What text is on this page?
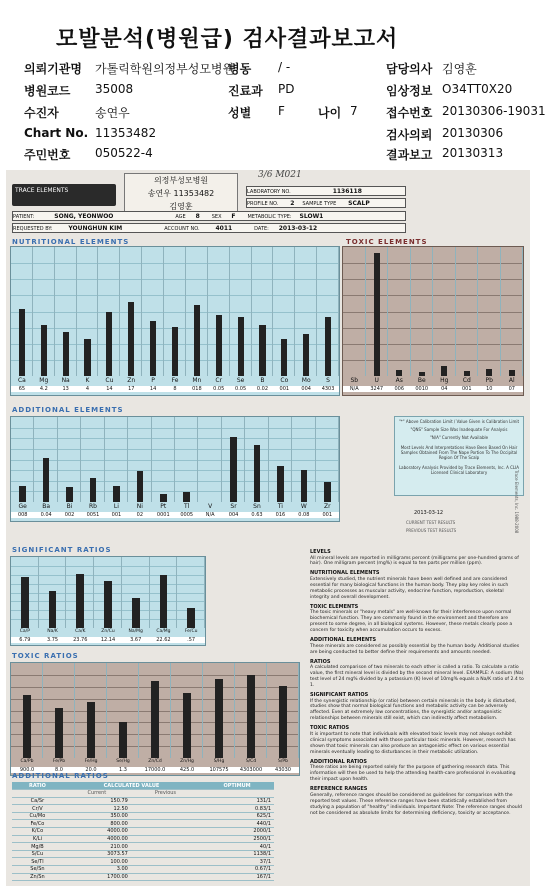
모발분석(병원급) 검사결과보고서
의뢰기관명 가톨릭학원의정부성모병원
병동 / -	담당의사 김영훈
병원코드 35008	진료과 PD	임상정보 O34TT0X20
수진자	송연우	성별 F	나이 7 접수번호 20130306-19031
Chart No. 11353482	검사의뢰 20130306
주민번호 050522-4	결과보고 20130313
TRACE ELEMENTS
의정부성모병원
송연우 11353482
김영훈
3/6 M021
LABORATORY NO.	1136118
PROFILE NO. 2 SAMPLE TYPE SCALP
PATIENT:	SONG, YEONWOO	AGE 8 SEX F METABOLIC TYPE: SLOW1
REQUESTED BY:	YOUNGHUN KIM	ACCOUNT NO.	4011	DATE: 2013-03-12
NUTRITIONAL ELEMENTS
Ca
65
Mg
4.2
Na
13
K
4
Cu
14
Zn
17
P
14
Fe
8
Mn
018
Cr
0.05
Se
0.05
B
0.02
Co
001
Mo
004
S
4303
TOXIC ELEMENTS
Sb
N/A
U
3247
As
006
Be
0010
Hg
04
Cd
001
Pb
10
Al
07
ADDITIONAL ELEMENTS
Ge
008
Ba
0.04
Bi
002
Rb
0051
Li
001
Ni
02
Pt
0001
Tl
0005
V
N/A
Sr
004
Sn
0.63
Ti
016
W
0.08
Zr
001
"*" Above Calibration Limit / Value Given is Calibration Limit
"QNS" Sample Size Was Inadequate For Analysis
"N/A" Currently Not Available
Most Levels And Interpretations Have Been Based On Hair Samples Obtained From The Nape Portion To The Occipital Region Of The Scalp
Laboratory Analysis Provided by Trace Elements, Inc. A CLIA Licensed Clinical Laboratory
2013-03-12
CURRENT TEST RESULTS
PREVIOUS TEST RESULTS	Trace Elements, Inc. 1988-2008
SIGNIFICANT RATIOS
Ca/P
6.79
Na/K
3.75
Ca/K
23.76
Zn/Cu
12.14
Na/Mg
3.67
Ca/Mg
22.62
Fe/Cu
.57
TOXIC RATIOS
Ca/Pb
900.0
Fe/Pb
8.0
Fe/Hg
20.0
Se/Hg
1.3
Zn/Cd
17000.0
Zn/Hg
425.0
S/Hg
107575
S/Cd
4303000
S/Pb
43030
ADDITIONAL RATIOS
RATIO	CALCULATED VALUE		OPTIMUM
	Current	Previous	
Ca/Sr	150.79		131/1
Cr/V	12.50		0.83/1
Cu/Mo	350.00		625/1
Fe/Co	800.00		440/1
K/Co	4000.00		2000/1
K/Li	4000.00		2500/1
Mg/B	210.00		40/1
S/Cu	3073.57		1138/1
Se/Tl	100.00		37/1
Se/Sn	3.00		0.67/1
Zn/Sn	1700.00		167/1
LEVELS
All mineral levels are reported in milligrams percent (milligrams per one-hundred grams of hair). One milligram percent (mg%) is equal to ten parts per million (ppm).
NUTRITIONAL ELEMENTS
Extensively studied, the nutrient minerals have been well defined and are considered essential for many biological functions in the human body. They play key roles in such metabolic processes as muscular activity, endocrine function, reproduction, skeletal integrity and overall development.
TOXIC ELEMENTS
The toxic minerals or "heavy metals" are well-known for their interference upon normal biochemical function. They are commonly found in the environment and therefore are present to some degree, in all biological systems. However, these metals clearly pose a concern for toxicity when accumulation occurs to excess.
ADDITIONAL ELEMENTS
These minerals are considered as possibly essential by the human body. Additional studies are being conducted to better define their requirements and amounts needed.
RATIOS
A calculated comparison of two minerals to each other is called a ratio. To calculate a ratio value, the first mineral level is divided by the second mineral level. EXAMPLE: A sodium (Na) test level of 24 mg% divided by a potassium (K) level of 10mg% equals a Na/K ratio of 2.4 to 1.
SIGNIFICANT RATIOS
If the synergistic relationship (or ratio) between certain minerals in the body is disturbed, studies show that normal biological functions and metabolic activity can be adversely affected. Even at extremely low concentrations, the synergistic and/or antagonistic relationships between minerals still exist, which can indirectly affect metabolism.
TOXIC RATIOS
It is important to note that individuals with elevated toxic levels may not always exhibit clinical symptoms associated with those particular toxic minerals. However, research has shown that toxic minerals can also produce an antagonistic effect on various essential minerals eventually leading to disturbances in their metabolic utilization.
ADDITIONAL RATIOS
These ratios are being reported solely for the purpose of gathering research data. This information will then be used to help the attending health-care professional in evaluating their impact upon health.
REFERENCE RANGES
Generally, reference ranges should be considered as guidelines for comparison with the reported test values. These reference ranges have been statistically established from studying a population of "healthy" individuals. Important Note: The reference ranges should not be considered as absolute limits for determining deficiency, toxicity or acceptance.
